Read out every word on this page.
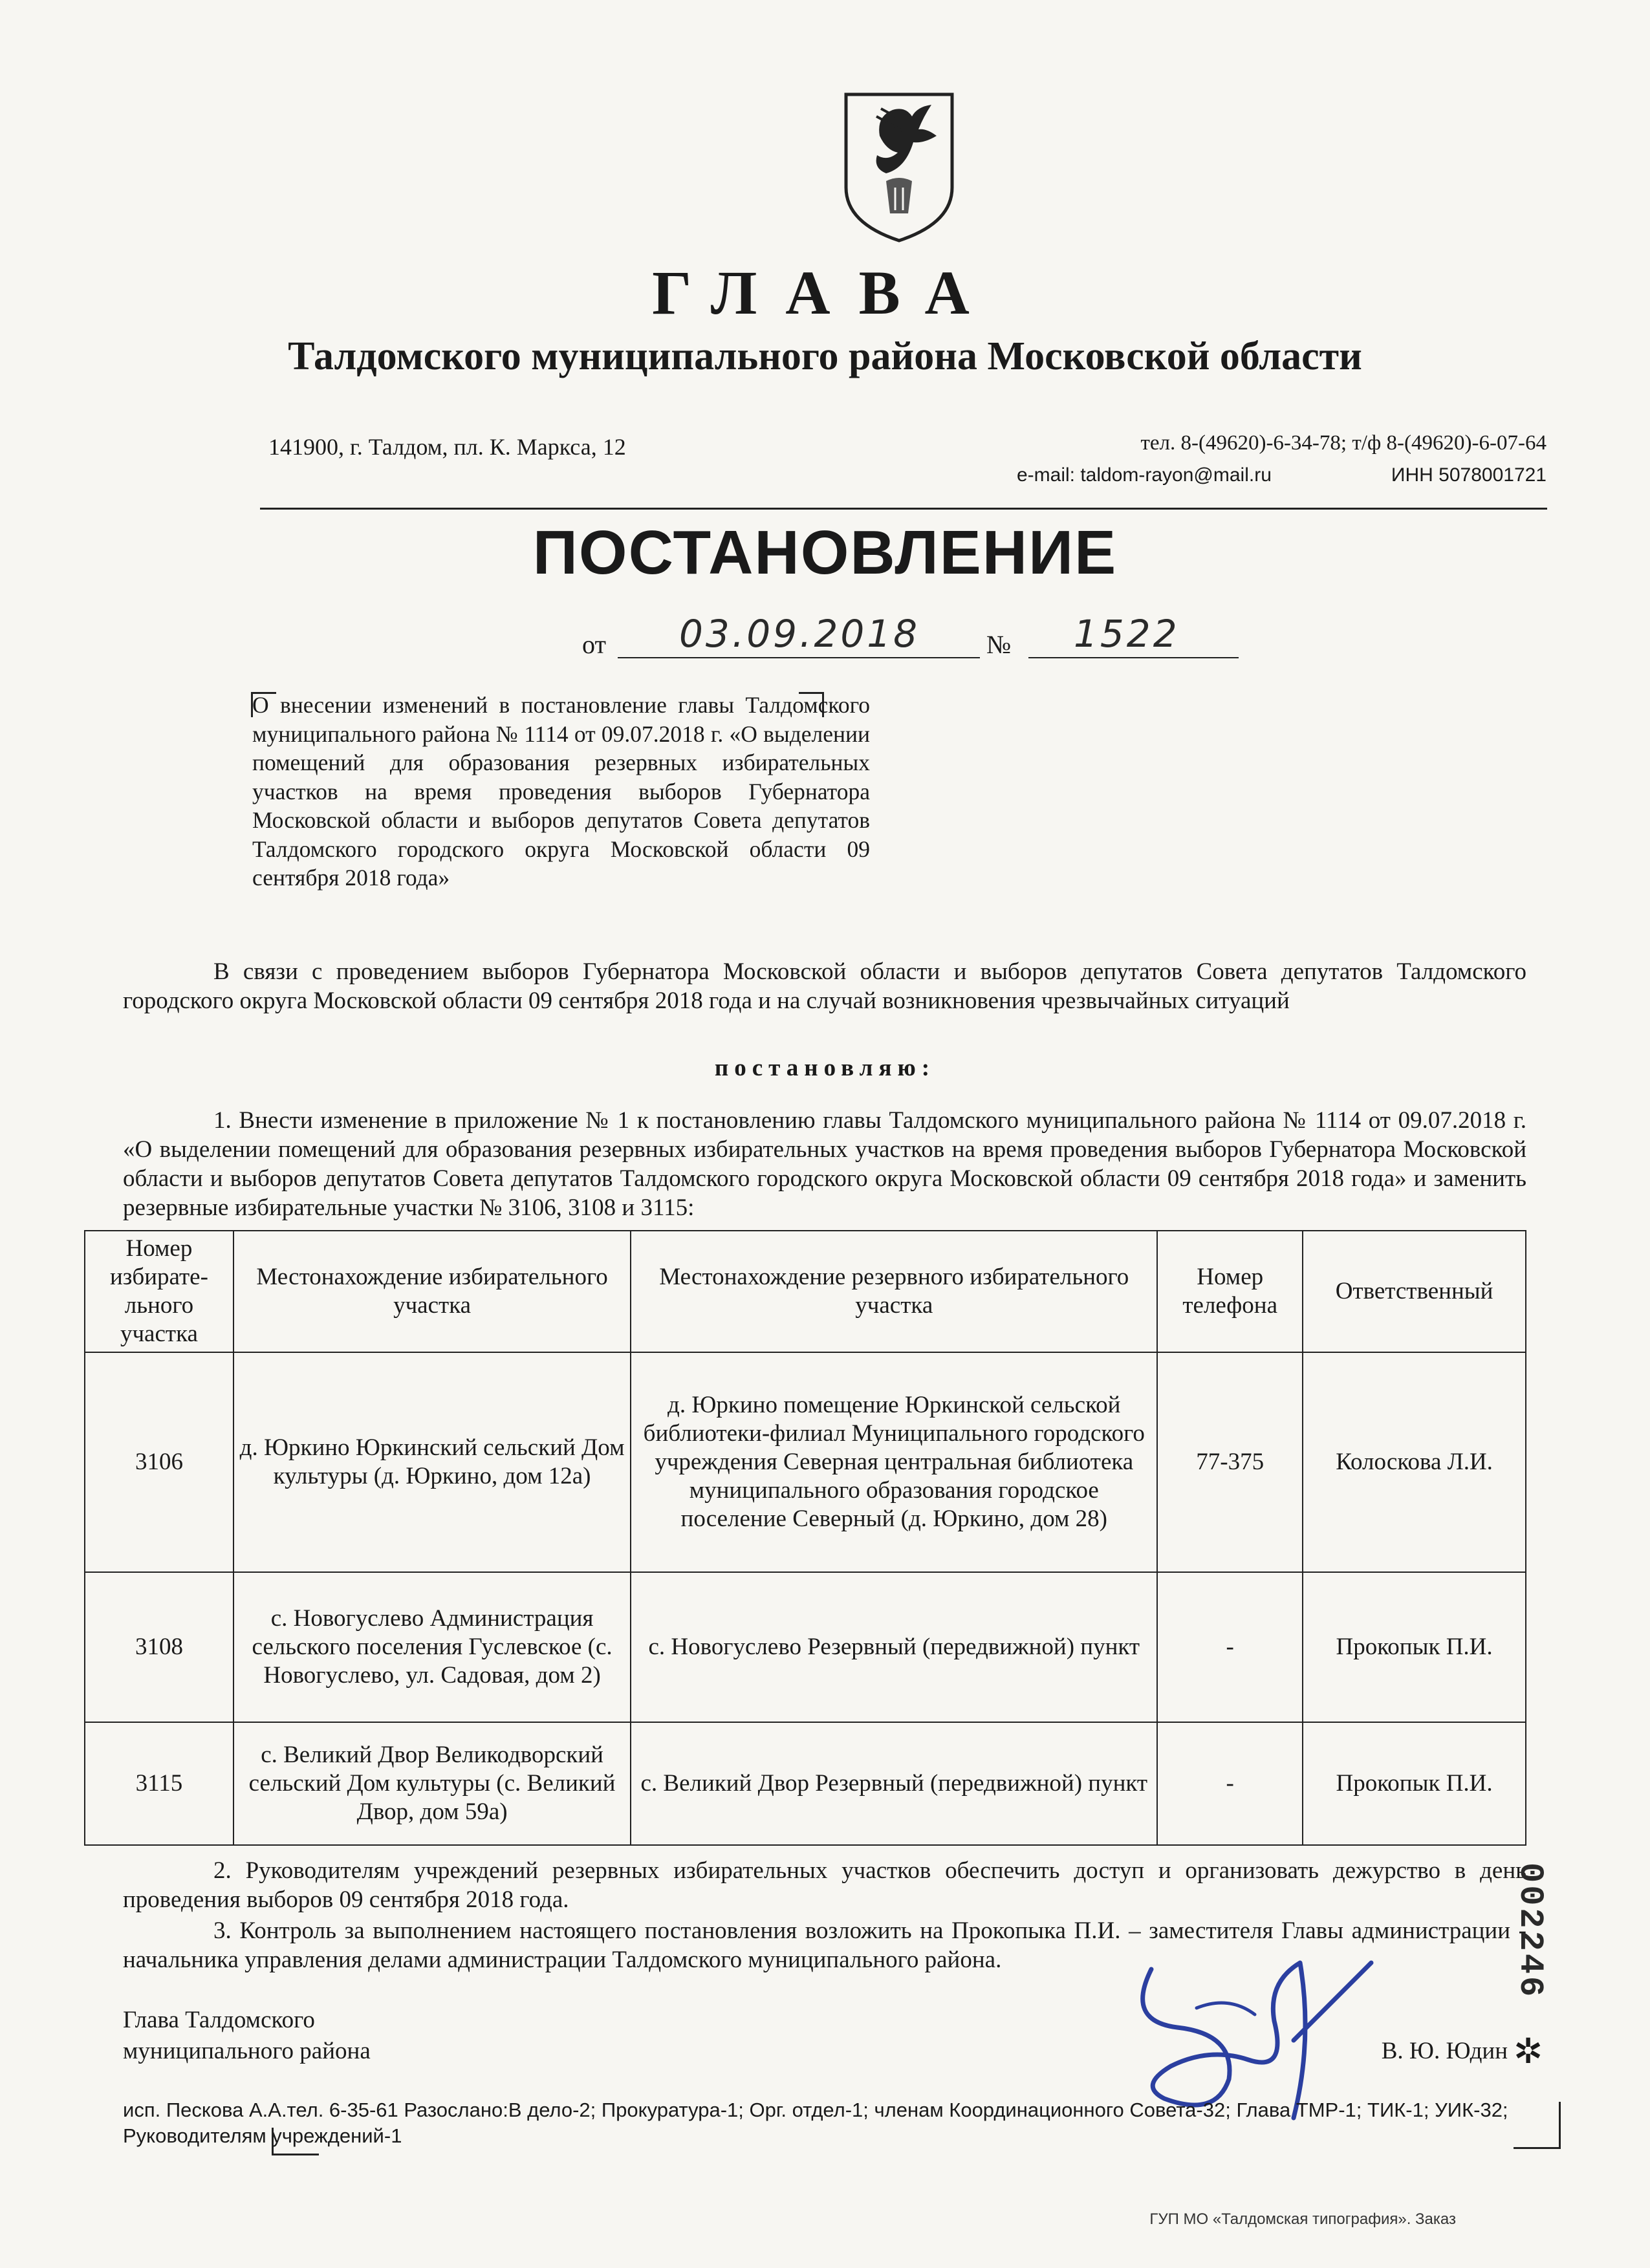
ГЛАВА
Талдомского муниципального района Московской области
141900, г. Талдом, пл. К. Маркса, 12	тел. 8-(49620)-6-34-78; т/ф 8-(49620)-6-07-64
e-mail: taldom-rayon@mail.ru	ИНН 5078001721
ПОСТАНОВЛЕНИЕ
от 03.09.2018	№ 1522
О внесении изменений в постановление главы Талдомского муниципального района № 1114 от 09.07.2018 г. «О выделении помещений для образования резервных избирательных участков на время проведения выборов Губернатора Московской области и выборов депутатов Совета депутатов Талдомского городского округа Московской области 09 сентября 2018 года»
В связи с проведением выборов Губернатора Московской области и выборов депутатов Совета депутатов Талдомского городского округа Московской области 09 сентября 2018 года и на случай возникновения чрезвычайных ситуаций
постановляю:
1. Внести изменение в приложение № 1 к постановлению главы Талдомского муниципального района № 1114 от 09.07.2018 г. «О выделении помещений для образования резервных избирательных участков на время проведения выборов Губернатора Московской области и выборов депутатов Совета депутатов Талдомского городского округа Московской области 09 сентября 2018 года» и заменить резервные избирательные участки № 3106, 3108 и 3115:
Номер избирате-льного участка	Местонахождение избирательного участка	Местонахождение резервного избирательного участка	Номер телефона	Ответственный
3106	д. Юркино Юркинский сельский Дом культуры (д. Юркино, дом 12а)	д. Юркино помещение Юркинской сельской библиотеки-филиал Муниципального городского учреждения Северная центральная библиотека муниципального образования городское поселение Северный (д. Юркино, дом 28)	77-375	Колоскова Л.И.
3108	с. Новогуслево Администрация сельского поселения Гуслевское (с. Новогуслево, ул. Садовая, дом 2)	с. Новогуслево Резервный (передвижной) пункт	-	Прокопык П.И.
3115	с. Великий Двор Великодворский сельский Дом культуры (с. Великий Двор, дом 59а)	с. Великий Двор Резервный (передвижной) пункт	-	Прокопык П.И.
2. Руководителям учреждений резервных избирательных участков обеспечить доступ и организовать дежурство в день проведения выборов 09 сентября 2018 года.
3. Контроль за выполнением настоящего постановления возложить на Прокопыка П.И. – заместителя Главы администрации - начальника управления делами администрации Талдомского муниципального района.
Глава Талдомского
муниципального района	В. Ю. Юдин
002246
✲
исп. Пескова А.А.тел. 6-35-61 Разослано:В дело-2; Прокуратура-1; Орг. отдел-1; членам Координационного Совета-32; Глава ТМР-1; ТИК-1; УИК-32; Руководителям учреждений-1
ГУП МО «Талдомская типография». Заказ
